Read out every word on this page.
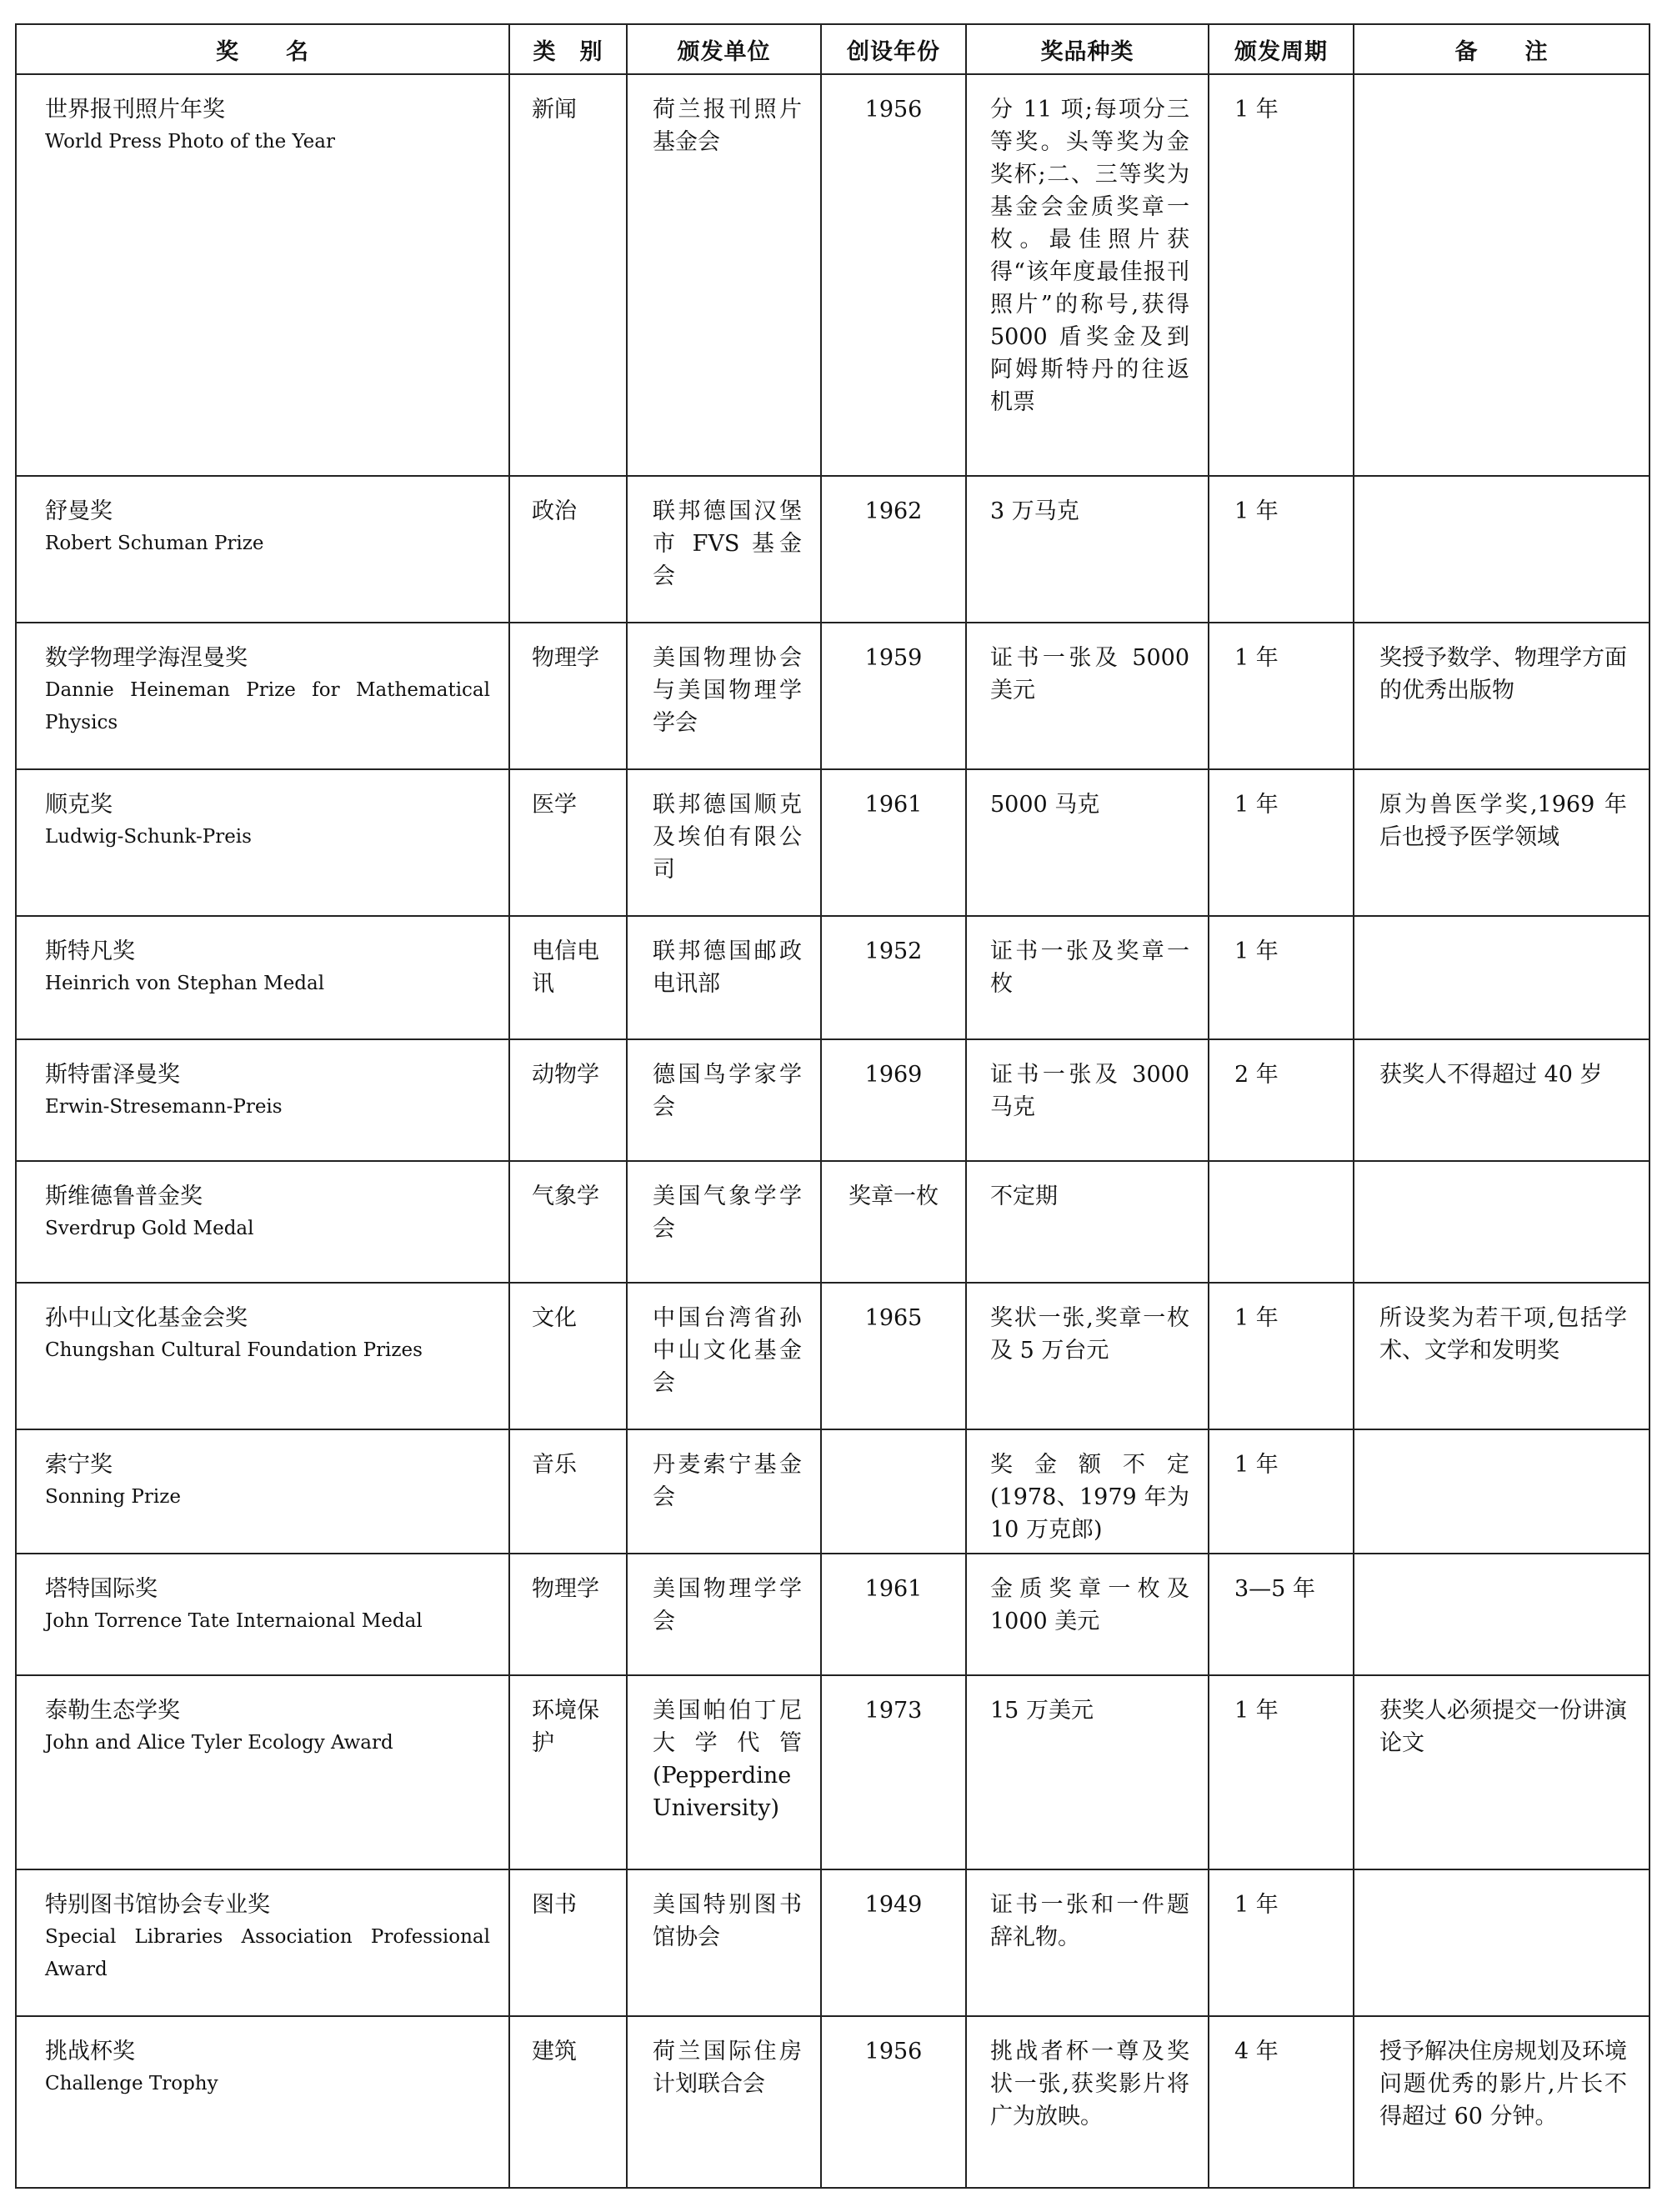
奖　　名	类　别	颁发单位	创设年份	奖品种类	颁发周期	备　　注

世界报刊照片年奖
World Press Photo of the Year	新闻	荷兰报刊照片基金会	1956	分 11 项;每项分三等奖。头等奖为金奖杯;二、三等奖为基金会金质奖章一枚。最佳照片获得“该年度最佳报刊照片”的称号,获得 5000 盾奖金及到阿姆斯特丹的往返机票	1 年	

舒曼奖
Robert Schuman Prize	政治	联邦德国汉堡市 FVS 基金会	1962	3 万马克	1 年	

数学物理学海涅曼奖
Dannie Heineman Prize for Mathematical Physics	物理学	美国物理协会与美国物理学学会	1959	证书一张及 5000 美元	1 年	奖授予数学、物理学方面的优秀出版物

顺克奖
Ludwig-Schunk-Preis	医学	联邦德国顺克及埃伯有限公司	1961	5000 马克	1 年	原为兽医学奖,1969 年后也授予医学领域

斯特凡奖
Heinrich von Stephan Medal	电信电讯	联邦德国邮政电讯部	1952	证书一张及奖章一枚	1 年	

斯特雷泽曼奖
Erwin-Stresemann-Preis	动物学	德国鸟学家学会	1969	证书一张及 3000 马克	2 年	获奖人不得超过 40 岁

斯维德鲁普金奖
Sverdrup Gold Medal	气象学	美国气象学学会	奖章一枚	不定期		

孙中山文化基金会奖
Chungshan Cultural Foundation Prizes	文化	中国台湾省孙中山文化基金会	1965	奖状一张,奖章一枚及 5 万台元	1 年	所设奖为若干项,包括学术、文学和发明奖

索宁奖
Sonning Prize	音乐	丹麦索宁基金会		奖金额不定(1978、1979 年为 10 万克郎)	1 年	

塔特国际奖
John Torrence Tate Internaional Medal	物理学	美国物理学学会	1961	金质奖章一枚及 1000 美元	3—5 年	

泰勒生态学奖
John and Alice Tyler Ecology Award	环境保护	美国帕伯丁尼大学代管(Pepperdine University)	1973	15 万美元	1 年	获奖人必须提交一份讲演论文

特别图书馆协会专业奖
Special Libraries Association Professional Award	图书	美国特别图书馆协会	1949	证书一张和一件题辞礼物。	1 年	

挑战杯奖
Challenge Trophy	建筑	荷兰国际住房计划联合会	1956	挑战者杯一尊及奖状一张,获奖影片将广为放映。	4 年	授予解决住房规划及环境问题优秀的影片,片长不得超过 60 分钟。
